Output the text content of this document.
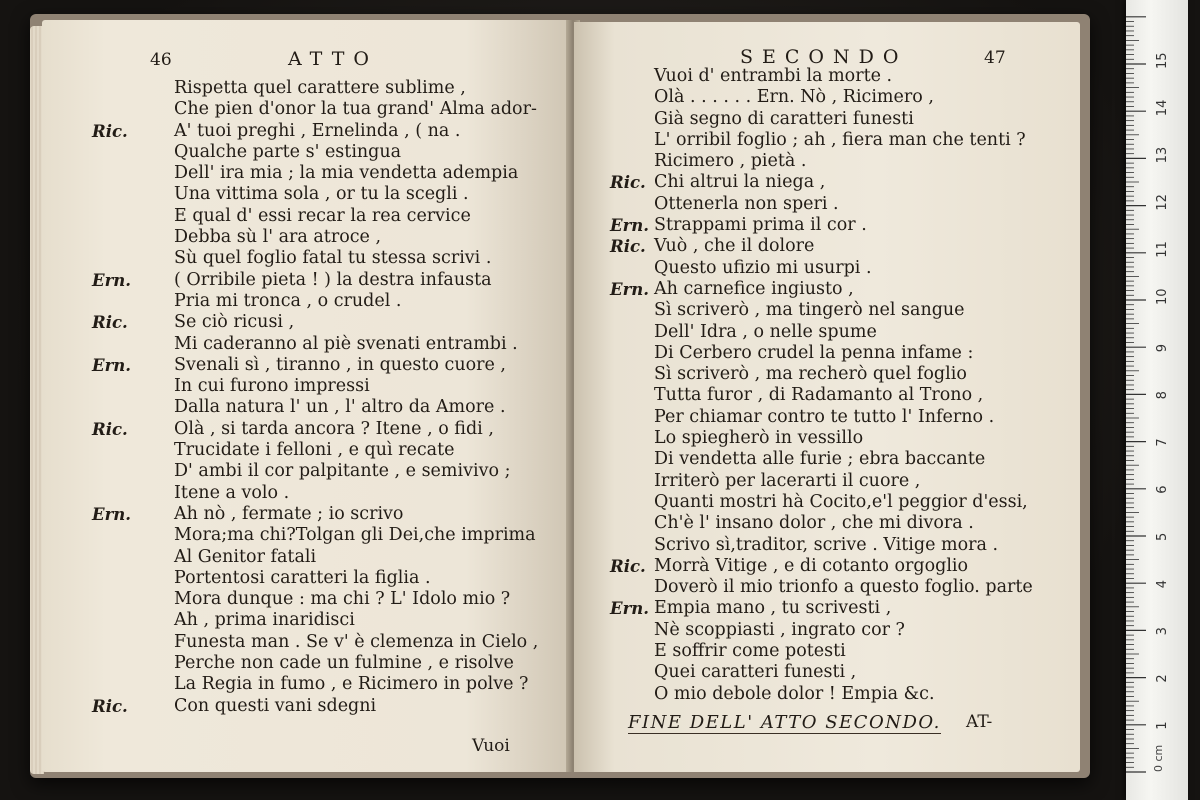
46	ATTO
Rispetta quel carattere sublime ,
Che pien d'onor la tua grand' Alma ador-
Ric.	A' tuoi preghi , Ernelinda , ( na .
Qualche parte s' estingua
Dell' ira mia ; la mia vendetta adempia
Una vittima sola , or tu la scegli .
E qual d' essi recar la rea cervice
Debba sù l' ara atroce ,
Sù quel foglio fatal tu stessa scrivi .
Ern. ( Orribile pieta ! ) la destra infausta
Pria mi tronca , o crudel .
Ric.	Se ciò ricusi ,
Mi caderanno al piè svenati entrambi .
Ern. Svenali sì , tiranno , in questo cuore ,
In cui furono impressi
Dalla natura l' un , l' altro da Amore .
Ric.	Olà , si tarda ancora ? Itene , o fidi ,
Trucidate i felloni , e quì recate
D' ambi il cor palpitante , e semivivo ;
Itene a volo .
Ern. Ah nò , fermate ; io scrivo
Mora;ma chi?Tolgan gli Dei,che imprima
Al Genitor fatali
Portentosi caratteri la figlia .
Mora dunque : ma chi ? L' Idolo mio ?
Ah , prima inaridisci
Funesta man . Se v' è clemenza in Cielo ,
Perche non cade un fulmine , e risolve
La Regia in fumo , e Ricimero in polve ?
Ric.	Con questi vani sdegni
Vuoi
SECONDO	47
Vuoi d' entrambi la morte .
Olà . . . . . . Ern. Nò , Ricimero ,
Già segno di caratteri funesti
L' orribil foglio ; ah , fiera man che tenti ?
Ricimero , pietà .
Ric. Chi altrui la niega ,
Ottenerla non speri .
Ern. Strappami prima il cor .
Ric. Vuò , che il dolore
Questo ufizio mi usurpi .
Ern. Ah carnefice ingiusto ,
Sì scriverò , ma tingerò nel sangue
Dell' Idra , o nelle spume
Di Cerbero crudel la penna infame :
Sì scriverò , ma recherò quel foglio
Tutta furor , di Radamanto al Trono ,
Per chiamar contro te tutto l' Inferno .
Lo spiegherò in vessillo
Di vendetta alle furie ; ebra baccante
Irriterò per lacerarti il cuore ,
Quanti mostri hà Cocito,e'l peggior d'essi,
Ch'è l' insano dolor , che mi divora .
Scrivo sì,traditor, scrive . Vitige mora .
Ric. Morrà Vitige , e di cotanto orgoglio
Doverò il mio trionfo a questo foglio. parte
Ern. Empia mano , tu scrivesti ,
Nè scoppiasti , ingrato cor ?
E soffrir come potesti
Quei caratteri funesti ,
O mio debole dolor ! Empia &c.
FINE DELL' ATTO SECONDO. AT-
0 cm
1
2
3
4
5
6
7
8
9
10
11
12
13
14
15
